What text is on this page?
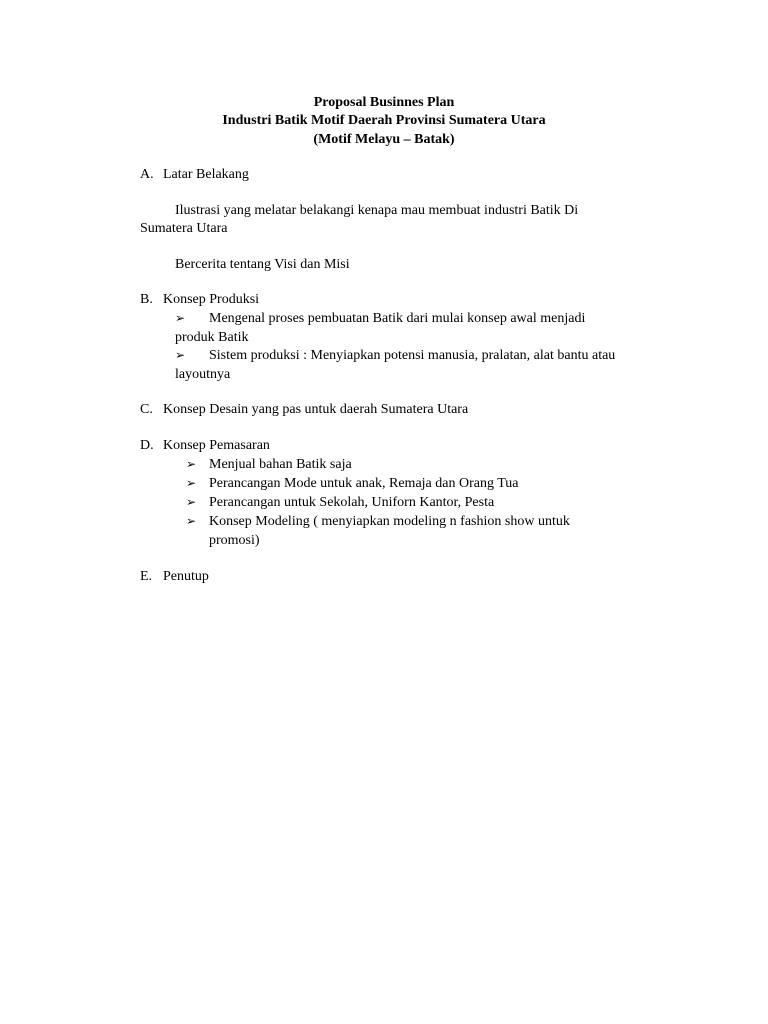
Proposal Businnes Plan
Industri Batik Motif Daerah Provinsi Sumatera Utara
(Motif Melayu – Batak)
A. Latar Belakang
Ilustrasi yang melatar belakangi kenapa mau membuat industri Batik Di
Sumatera Utara
Bercerita tentang Visi dan Misi
B. Konsep Produksi
➢ Mengenal proses pembuatan Batik dari mulai konsep awal menjadi
produk Batik
➢ Sistem produksi : Menyiapkan potensi manusia, pralatan, alat bantu atau
layoutnya
C. Konsep Desain yang pas untuk daerah Sumatera Utara
D. Konsep Pemasaran
➢ Menjual bahan Batik saja
➢ Perancangan Mode untuk anak, Remaja dan Orang Tua
➢ Perancangan untuk Sekolah, Uniforn Kantor, Pesta
➢ Konsep Modeling ( menyiapkan modeling n fashion show untuk
promosi)
E. Penutup
